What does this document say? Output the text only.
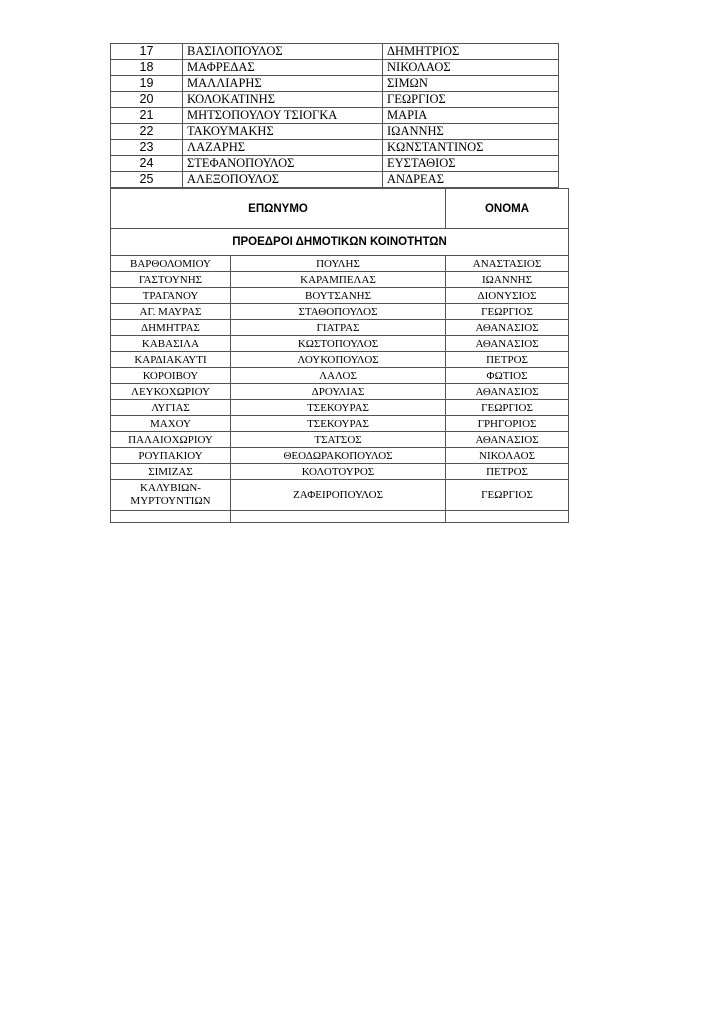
17	ΒΑΣΙΛΟΠΟΥΛΟΣ	ΔΗΜΗΤΡΙΟΣ
18	ΜΑΦΡΕΔΑΣ	ΝΙΚΟΛΑΟΣ
19	ΜΑΛΛΙΑΡΗΣ	ΣΙΜΩΝ
20	ΚΟΛΟΚΑΤΙΝΗΣ	ΓΕΩΡΓΙΟΣ
21	ΜΗΤΣΟΠΟΥΛΟΥ ΤΣΙΟΓΚΑ	ΜΑΡΙΑ
22	ΤΑΚΟΥΜΑΚΗΣ	ΙΩΑΝΝΗΣ
23	ΛΑΖΑΡΗΣ	ΚΩΝΣΤΑΝΤΙΝΟΣ
24	ΣΤΕΦΑΝΟΠΟΥΛΟΣ	ΕΥΣΤΑΘΙΟΣ
25	ΑΛΕΞΟΠΟΥΛΟΣ	ΑΝΔΡΕΑΣ
ΕΠΩΝΥΜΟ		ΟΝΟΜΑ
ΠΡΟΕΔΡΟΙ ΔΗΜΟΤΙΚΩΝ ΚΟΙΝΟΤΗΤΩΝ		
ΒΑΡΘΟΛΟΜΙΟΥ	ΠΟΥΛΗΣ	ΑΝΑΣΤΑΣΙΟΣ
ΓΑΣΤΟΥΝΗΣ	ΚΑΡΑΜΠΕΛΑΣ	ΙΩΑΝΝΗΣ
ΤΡΑΓΑΝΟΥ	ΒΟΥΤΣΑΝΗΣ	ΔΙΟΝΥΣΙΟΣ
ΑΓ. ΜΑΥΡΑΣ	ΣΤΑΘΟΠΟΥΛΟΣ	ΓΕΩΡΓΙΟΣ
ΔΗΜΗΤΡΑΣ	ΓΙΑΤΡΑΣ	ΑΘΑΝΑΣΙΟΣ
ΚΑΒΑΣΙΛΑ	ΚΩΣΤΟΠΟΥΛΟΣ	ΑΘΑΝΑΣΙΟΣ
ΚΑΡΔΙΑΚΑΥΤΙ	ΛΟΥΚΟΠΟΥΛΟΣ	ΠΕΤΡΟΣ
ΚΟΡΟΙΒΟΥ	ΛΑΛΟΣ	ΦΩΤΙΟΣ
ΛΕΥΚΟΧΩΡΙΟΥ	ΔΡΟΥΛΙΑΣ	ΑΘΑΝΑΣΙΟΣ
ΛΥΓΙΑΣ	ΤΣΕΚΟΥΡΑΣ	ΓΕΩΡΓΙΟΣ
ΜΑΧΟΥ	ΤΣΕΚΟΥΡΑΣ	ΓΡΗΓΟΡΙΟΣ
ΠΑΛΑΙΟΧΩΡΙΟΥ	ΤΣΑΤΣΟΣ	ΑΘΑΝΑΣΙΟΣ
ΡΟΥΠΑΚΙΟΥ	ΘΕΟΔΩΡΑΚΟΠΟΥΛΟΣ	ΝΙΚΟΛΑΟΣ
ΣΙΜΙΖΑΣ	ΚΟΛΟΤΟΥΡΟΣ	ΠΕΤΡΟΣ

ΚΑΛΥΒΙΩΝ-
ΜΥΡΤΟΥΝΤΙΩΝ	ΖΑΦΕΙΡΟΠΟΥΛΟΣ	ΓΕΩΡΓΙΟΣ
